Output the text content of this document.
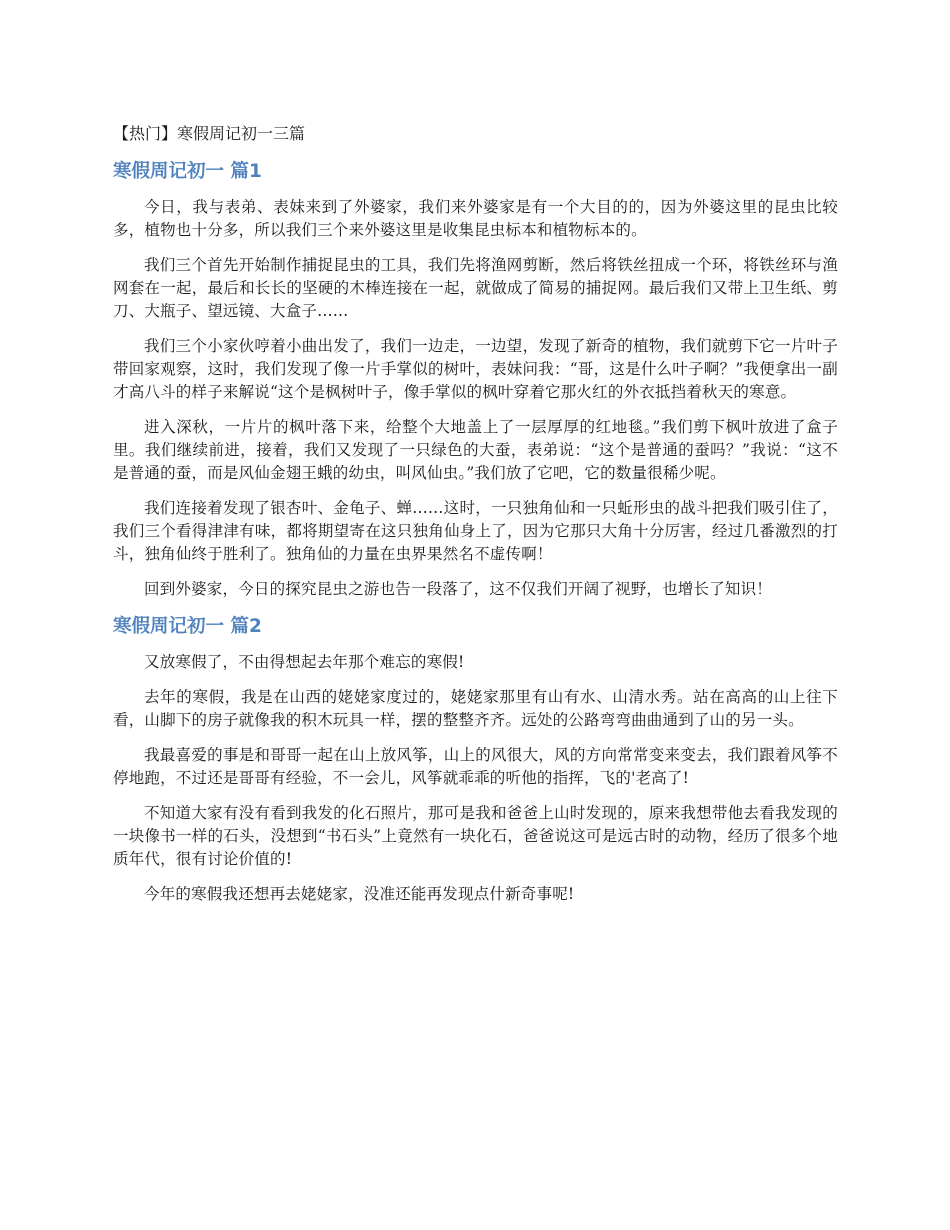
【热门】寒假周记初一三篇
寒假周记初一 篇1

今日，我与表弟、表妹来到了外婆家，我们来外婆家是有一个大目的的，因为外婆这里的昆虫比较多，植物也十分多，所以我们三个来外婆这里是收集昆虫标本和植物标本的。

我们三个首先开始制作捕捉昆虫的工具，我们先将渔网剪断，然后将铁丝扭成一个环，将铁丝环与渔网套在一起，最后和长长的坚硬的木棒连接在一起，就做成了简易的捕捉网。最后我们又带上卫生纸、剪刀、大瓶子、望远镜、大盒子……

我们三个小家伙哼着小曲出发了，我们一边走，一边望，发现了新奇的植物，我们就剪下它一片叶子带回家观察，这时，我们发现了像一片手掌似的树叶，表妹问我：“哥，这是什么叶子啊？”我便拿出一副才高八斗的样子来解说“这个是枫树叶子，像手掌似的枫叶穿着它那火红的外衣抵挡着秋天的寒意。

进入深秋，一片片的枫叶落下来，给整个大地盖上了一层厚厚的红地毯。”我们剪下枫叶放进了盒子里。我们继续前进，接着，我们又发现了一只绿色的大蚕，表弟说：“这个是普通的蚕吗？”我说：“这不是普通的蚕，而是风仙金翅王蛾的幼虫，叫风仙虫。”我们放了它吧，它的数量很稀少呢。

我们连接着发现了银杏叶、金龟子、蝉……这时，一只独角仙和一只蚯形虫的战斗把我们吸引住了，我们三个看得津津有味，都将期望寄在这只独角仙身上了，因为它那只大角十分厉害，经过几番激烈的打斗，独角仙终于胜利了。独角仙的力量在虫界果然名不虚传啊！

回到外婆家，今日的探究昆虫之游也告一段落了，这不仅我们开阔了视野，也增长了知识！

寒假周记初一 篇2

又放寒假了，不由得想起去年那个难忘的寒假!

去年的寒假，我是在山西的姥姥家度过的，姥姥家那里有山有水、山清水秀。站在高高的山上往下看，山脚下的房子就像我的积木玩具一样，摆的整整齐齐。远处的公路弯弯曲曲通到了山的另一头。

我最喜爱的事是和哥哥一起在山上放风筝，山上的风很大，风的方向常常变来变去，我们跟着风筝不停地跑，不过还是哥哥有经验，不一会儿，风筝就乖乖的听他的指挥，飞的'老高了!

不知道大家有没有看到我发的化石照片，那可是我和爸爸上山时发现的，原来我想带他去看我发现的一块像书一样的石头，没想到“书石头”上竟然有一块化石，爸爸说这可是远古时的动物，经历了很多个地质年代，很有讨论价值的!

今年的寒假我还想再去姥姥家，没准还能再发现点什新奇事呢!
